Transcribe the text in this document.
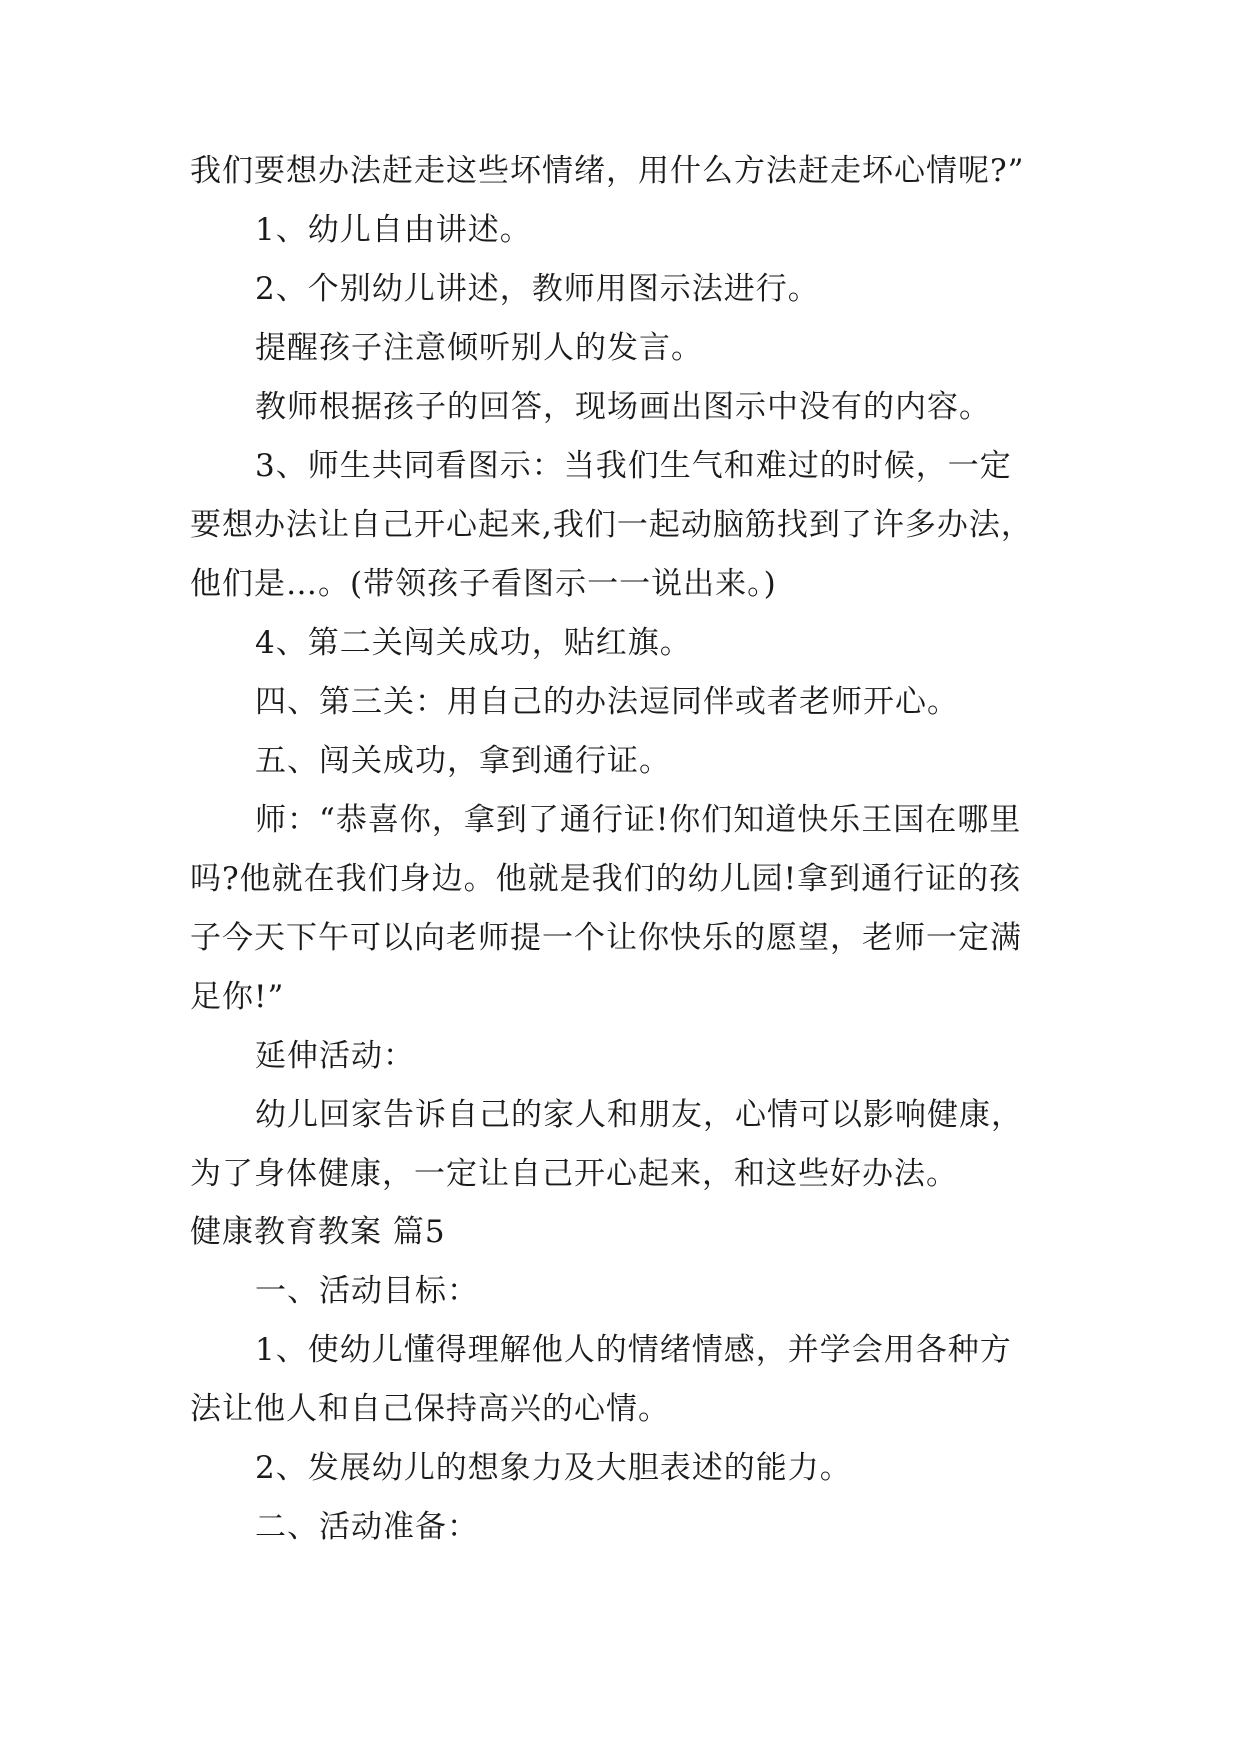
我们要想办法赶走这些坏情绪，用什么方法赶走坏心情呢?”
1、幼儿自由讲述。
2、个别幼儿讲述，教师用图示法进行。
提醒孩子注意倾听别人的发言。
教师根据孩子的回答，现场画出图示中没有的内容。
3、师生共同看图示：当我们生气和难过的时候，一定
要想办法让自己开心起来,我们一起动脑筋找到了许多办法，
他们是…。(带领孩子看图示一一说出来。)
4、第二关闯关成功，贴红旗。
四、第三关：用自己的办法逗同伴或者老师开心。
五、闯关成功，拿到通行证。
师：“恭喜你，拿到了通行证!你们知道快乐王国在哪里
吗?他就在我们身边。他就是我们的幼儿园!拿到通行证的孩
子今天下午可以向老师提一个让你快乐的愿望，老师一定满
足你!”
延伸活动：
幼儿回家告诉自己的家人和朋友，心情可以影响健康，
为了身体健康，一定让自己开心起来，和这些好办法。
健康教育教案 篇5
一、活动目标：
1、使幼儿懂得理解他人的情绪情感，并学会用各种方
法让他人和自己保持高兴的心情。
2、发展幼儿的想象力及大胆表述的能力。
二、活动准备：
